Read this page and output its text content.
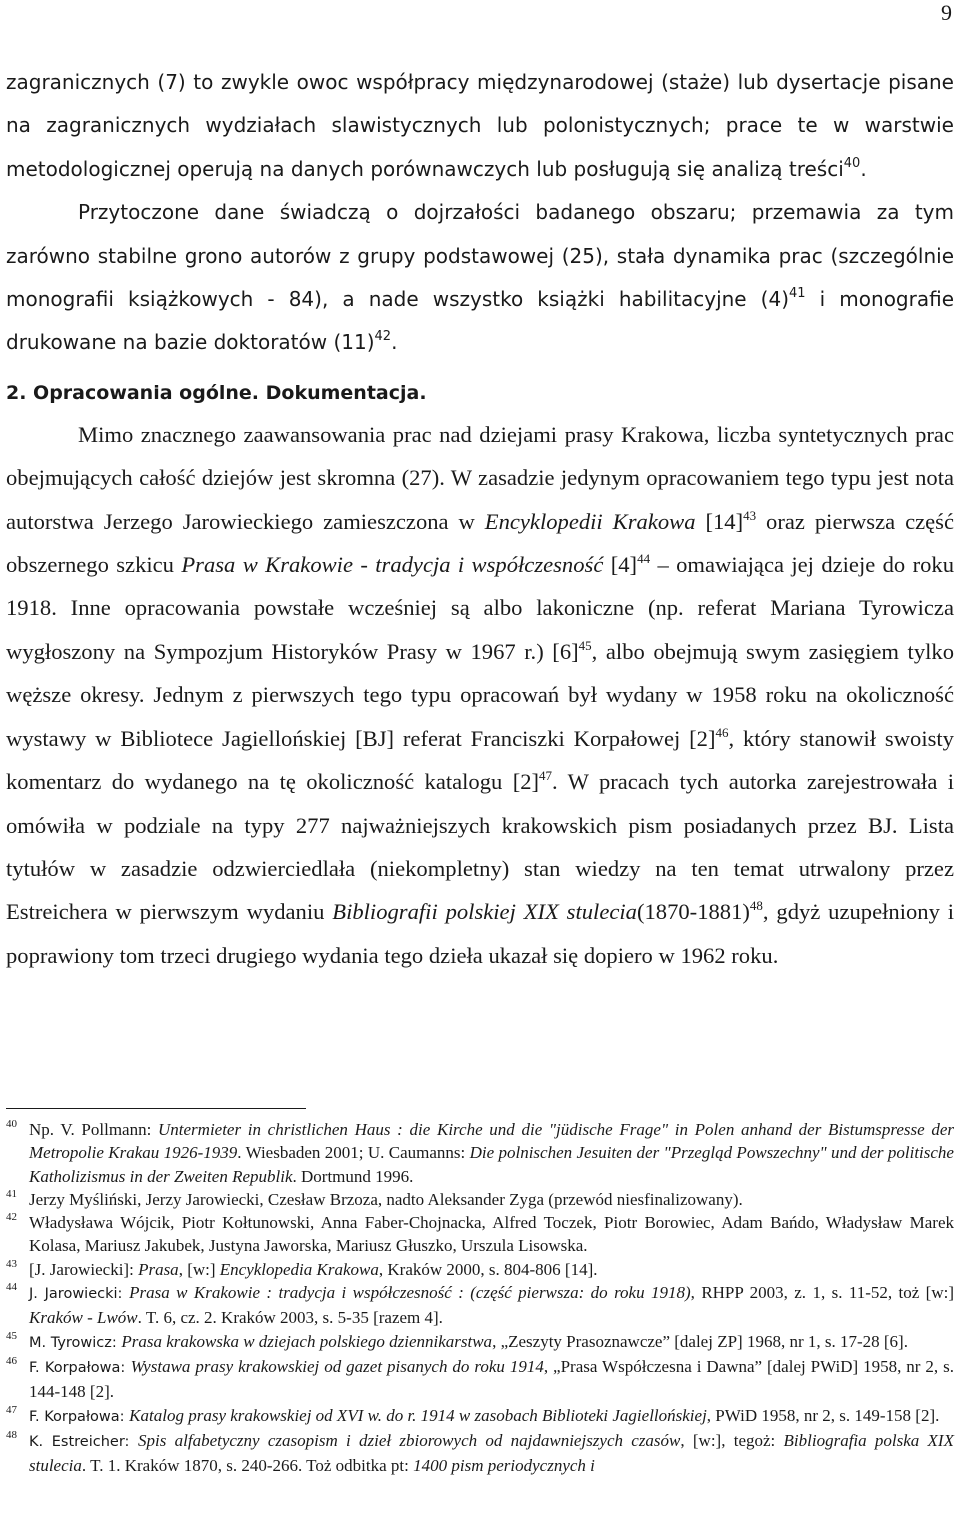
9

zagranicznych (7) to zwykle owoc współpracy międzynarodowej (staże) lub dysertacje pisane na zagranicznych wydziałach slawistycznych lub polonistycznych; prace te w warstwie metodologicznej operują na danych porównawczych lub posługują się analizą treści$^{40}$.

Przytoczone dane świadczą o dojrzałości badanego obszaru; przemawia za tym zarówno stabilne grono autorów z grupy podstawowej (25), stała dynamika prac (szczególnie monografii książkowych - 84), a nade wszystko książki habilitacyjne $(4)^{41}$ i monografie drukowane na bazie doktoratów $(11)^{42}$.

2. Opracowania ogólne. Dokumentacja.

Mimo znacznego zaawansowania prac nad dziejami prasy Krakowa, liczba syntetycznych prac obejmujących całość dziejów jest skromna (27). W zasadzie jedynym opracowaniem tego typu jest nota autorstwa Jerzego Jarowieckiego zamieszczona w Encyklopedii Krakowa $[14]^{43}$ oraz pierwsza część obszernego szkicu Prasa w Krakowie - tradycja i współczesność $[4]^{44}$ – omawiająca jej dzieje do roku 1918. Inne opracowania powstałe wcześniej są albo lakoniczne (np. referat Mariana Tyrowicza wygłoszony na Sympozjum Historyków Prasy w 1967 r.) $[6]^{45}$, albo obejmują swym zasięgiem tylko węższe okresy. Jednym z pierwszych tego typu opracowań był wydany w 1958 roku na okoliczność wystawy w Bibliotece Jagiellońskiej [BJ] referat Franciszki Korpałowej $[2]^{46}$, który stanowił swoisty komentarz do wydanego na tę okoliczność katalogu $[2]^{47}$. W pracach tych autorka zarejestrowała i omówiła w podziale na typy 277 najważniejszych krakowskich pism posiadanych przez BJ. Lista tytułów w zasadzie odzwierciedlała (niekompletny) stan wiedzy na ten temat utrwalony przez Estreichera w pierwszym wydaniu Bibliografii polskiej XIX stulecia(1870-1881)$^{48}$, gdyż uzupełniony i poprawiony tom trzeci drugiego wydania tego dzieła ukazał się dopiero w 1962 roku.

40 Np. V. Pollmann: Untermieter in christlichen Haus : die Kirche und die "jüdische Frage" in Polen anhand der Bistumspresse der Metropolie Krakau 1926-1939. Wiesbaden 2001; U. Caumanns: Die polnischen Jesuiten der "Przegląd Powszechny" und der politische Katholizismus in der Zweiten Republik. Dortmund 1996.

41 Jerzy Myśliński, Jerzy Jarowiecki, Czesław Brzoza, nadto Aleksander Zyga (przewód niesfinalizowany).

42 Władysława Wójcik, Piotr Kołtunowski, Anna Faber-Chojnacka, Alfred Toczek, Piotr Borowiec, Adam Bańdo, Władysław Marek Kolasa, Mariusz Jakubek, Justyna Jaworska, Mariusz Głuszko, Urszula Lisowska.

43 [J. Jarowiecki]: Prasa, [w:] Encyklopedia Krakowa, Kraków 2000, s. 804-806 [14].

44 J. Jarowiecki: Prasa w Krakowie : tradycja i współczesność : (część pierwsza: do roku 1918), RHPP 2003, z. 1, s. 11-52, toż [w:] Kraków - Lwów. T. 6, cz. 2. Kraków 2003, s. 5-35 [razem 4].

45 M. Tyrowicz: Prasa krakowska w dziejach polskiego dziennikarstwa, „Zeszyty Prasoznawcze” [dalej ZP] 1968, nr 1, s. 17-28 [6].

46 F. Korpałowa: Wystawa prasy krakowskiej od gazet pisanych do roku 1914, „Prasa Współczesna i Dawna” [dalej PWiD] 1958, nr 2, s. 144-148 [2].

47 F. Korpałowa: Katalog prasy krakowskiej od XVI w. do r. 1914 w zasobach Biblioteki Jagiellońskiej, PWiD 1958, nr 2, s. 149-158 [2].

48 K. Estreicher: Spis alfabetyczny czasopism i dzieł zbiorowych od najdawniejszych czasów, [w:], tegoż: Bibliografia polska XIX stulecia. T. 1. Kraków 1870, s. 240-266. Toż odbitka pt: 1400 pism periodycznych i
